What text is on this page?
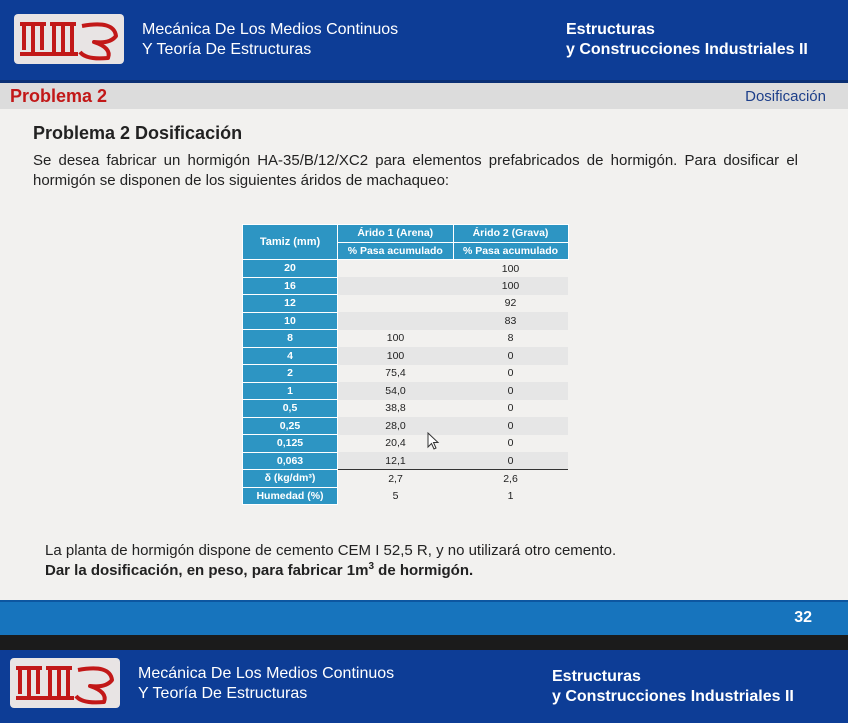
Mecánica De Los Medios Continuos
Y Teoría De Estructuras
Estructuras
y Construcciones Industriales II
Problema 2	Dosificación
Problema 2 Dosificación
Se desea fabricar un hormigón HA-35/B/12/XC2 para elementos prefabricados de hormigón. Para dosificar el hormigón se disponen de los siguientes áridos de machaqueo:
Tamiz (mm)	Árido 1 (Arena)	Árido 2 (Grava)
	% Pasa acumulado	% Pasa acumulado
20		100
16		100
12		92
10		83
8	100	8
4	100	0
2	75,4	0
1	54,0	0
0,5	38,8	0
0,25	28,0	0
0,125	20,4	0
0,063	12,1	0
δ (kg/dm³)	2,7	2,6
Humedad (%)	5	1
La planta de hormigón dispone de cemento CEM I 52,5 R, y no utilizará otro cemento.
Dar la dosificación, en peso, para fabricar $1m^3$ de hormigón.
32
Mecánica De Los Medios Continuos
Y Teoría De Estructuras
Estructuras
y Construcciones Industriales II
